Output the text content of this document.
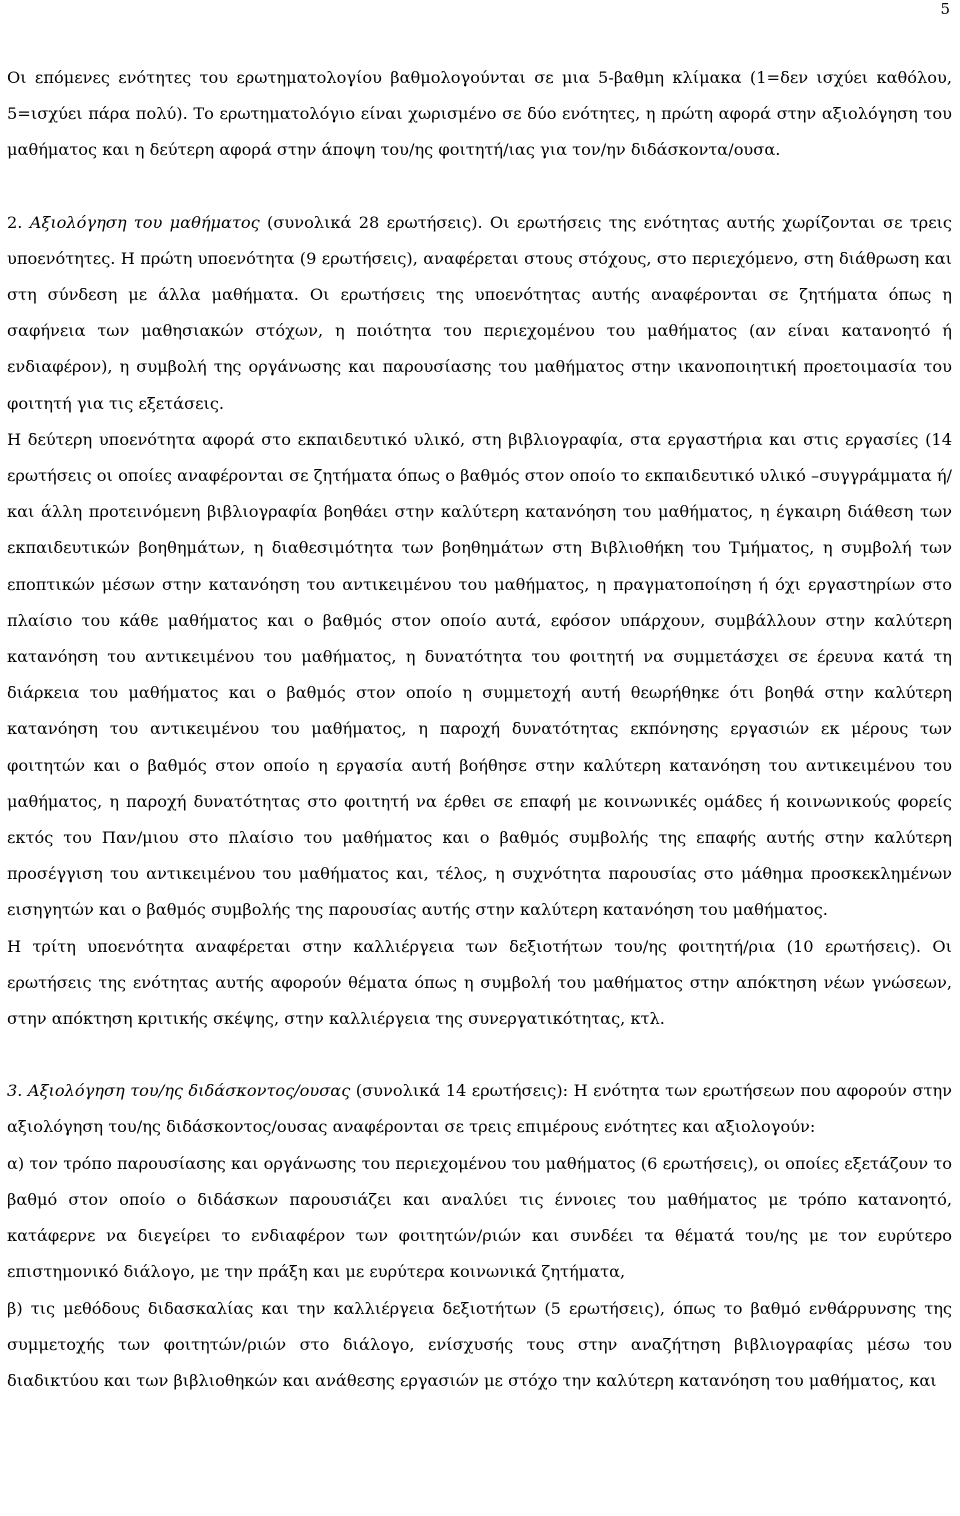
5

Οι επόμενες ενότητες του ερωτηματολογίου βαθμολογούνται σε μια 5-βαθμη κλίμακα (1=δεν ισχύει καθόλου, 5=ισχύει πάρα πολύ). Το ερωτηματολόγιο είναι χωρισμένο σε δύο ενότητες, η πρώτη αφορά στην αξιολόγηση του μαθήματος και η δεύτερη αφορά στην άποψη του/ης φοιτητή/ιας για τον/ην διδάσκοντα/ουσα.

2. Αξιολόγηση του μαθήματος (συνολικά 28 ερωτήσεις). Οι ερωτήσεις της ενότητας αυτής χωρίζονται σε τρεις υποενότητες. Η πρώτη υποενότητα (9 ερωτήσεις), αναφέρεται στους στόχους, στο περιεχόμενο, στη διάθρωση και στη σύνδεση με άλλα μαθήματα. Οι ερωτήσεις της υποενότητας αυτής αναφέρονται σε ζητήματα όπως η σαφήνεια των μαθησιακών στόχων, η ποιότητα του περιεχομένου του μαθήματος (αν είναι κατανοητό ή ενδιαφέρον), η συμβολή της οργάνωσης και παρουσίασης του μαθήματος στην ικανοποιητική προετοιμασία του φοιτητή για τις εξετάσεις.

Η δεύτερη υποενότητα αφορά στο εκπαιδευτικό υλικό, στη βιβλιογραφία, στα εργαστήρια και στις εργασίες (14 ερωτήσεις οι οποίες αναφέρονται σε ζητήματα όπως ο βαθμός στον οποίο το εκπαιδευτικό υλικό –συγγράμματα ή/και άλλη προτεινόμενη βιβλιογραφία βοηθάει στην καλύτερη κατανόηση του μαθήματος, η έγκαιρη διάθεση των εκπαιδευτικών βοηθημάτων, η διαθεσιμότητα των βοηθημάτων στη Βιβλιοθήκη του Τμήματος, η συμβολή των εποπτικών μέσων στην κατανόηση του αντικειμένου του μαθήματος, η πραγματοποίηση ή όχι εργαστηρίων στο πλαίσιο του κάθε μαθήματος και ο βαθμός στον οποίο αυτά, εφόσον υπάρχουν, συμβάλλουν στην καλύτερη κατανόηση του αντικειμένου του μαθήματος, η δυνατότητα του φοιτητή να συμμετάσχει σε έρευνα κατά τη διάρκεια του μαθήματος και ο βαθμός στον οποίο η συμμετοχή αυτή θεωρήθηκε ότι βοηθά στην καλύτερη κατανόηση του αντικειμένου του μαθήματος, η παροχή δυνατότητας εκπόνησης εργασιών εκ μέρους των φοιτητών και ο βαθμός στον οποίο η εργασία αυτή βοήθησε στην καλύτερη κατανόηση του αντικειμένου του μαθήματος, η παροχή δυνατότητας στο φοιτητή να έρθει σε επαφή με κοινωνικές ομάδες ή κοινωνικούς φορείς εκτός του Παν/μιου στο πλαίσιο του μαθήματος και ο βαθμός συμβολής της επαφής αυτής στην καλύτερη προσέγγιση του αντικειμένου του μαθήματος και, τέλος, η συχνότητα παρουσίας στο μάθημα προσκεκλημένων εισηγητών και ο βαθμός συμβολής της παρουσίας αυτής στην καλύτερη κατανόηση του μαθήματος.

Η τρίτη υποενότητα αναφέρεται στην καλλιέργεια των δεξιοτήτων του/ης φοιτητή/ρια (10 ερωτήσεις). Οι ερωτήσεις της ενότητας αυτής αφορούν θέματα όπως η συμβολή του μαθήματος στην απόκτηση νέων γνώσεων, στην απόκτηση κριτικής σκέψης, στην καλλιέργεια της συνεργατικότητας, κτλ.

3. Αξιολόγηση του/ης διδάσκοντος/ουσας (συνολικά 14 ερωτήσεις): Η ενότητα των ερωτήσεων που αφορούν στην αξιολόγηση του/ης διδάσκοντος/ουσας αναφέρονται σε τρεις επιμέρους ενότητες και αξιολογούν:

α) τον τρόπο παρουσίασης και οργάνωσης του περιεχομένου του μαθήματος (6 ερωτήσεις), οι οποίες εξετάζουν το βαθμό στον οποίο ο διδάσκων παρουσιάζει και αναλύει τις έννοιες του μαθήματος με τρόπο κατανοητό, κατάφερνε να διεγείρει το ενδιαφέρον των φοιτητών/ριών και συνδέει τα θέματά του/ης με τον ευρύτερο επιστημονικό διάλογο, με την πράξη και με ευρύτερα κοινωνικά ζητήματα,

β) τις μεθόδους διδασκαλίας και την καλλιέργεια δεξιοτήτων (5 ερωτήσεις), όπως το βαθμό ενθάρρυνσης της συμμετοχής των φοιτητών/ριών στο διάλογο, ενίσχυσής τους στην αναζήτηση βιβλιογραφίας μέσω του διαδικτύου και των βιβλιοθηκών και ανάθεσης εργασιών με στόχο την καλύτερη κατανόηση του μαθήματος, και
